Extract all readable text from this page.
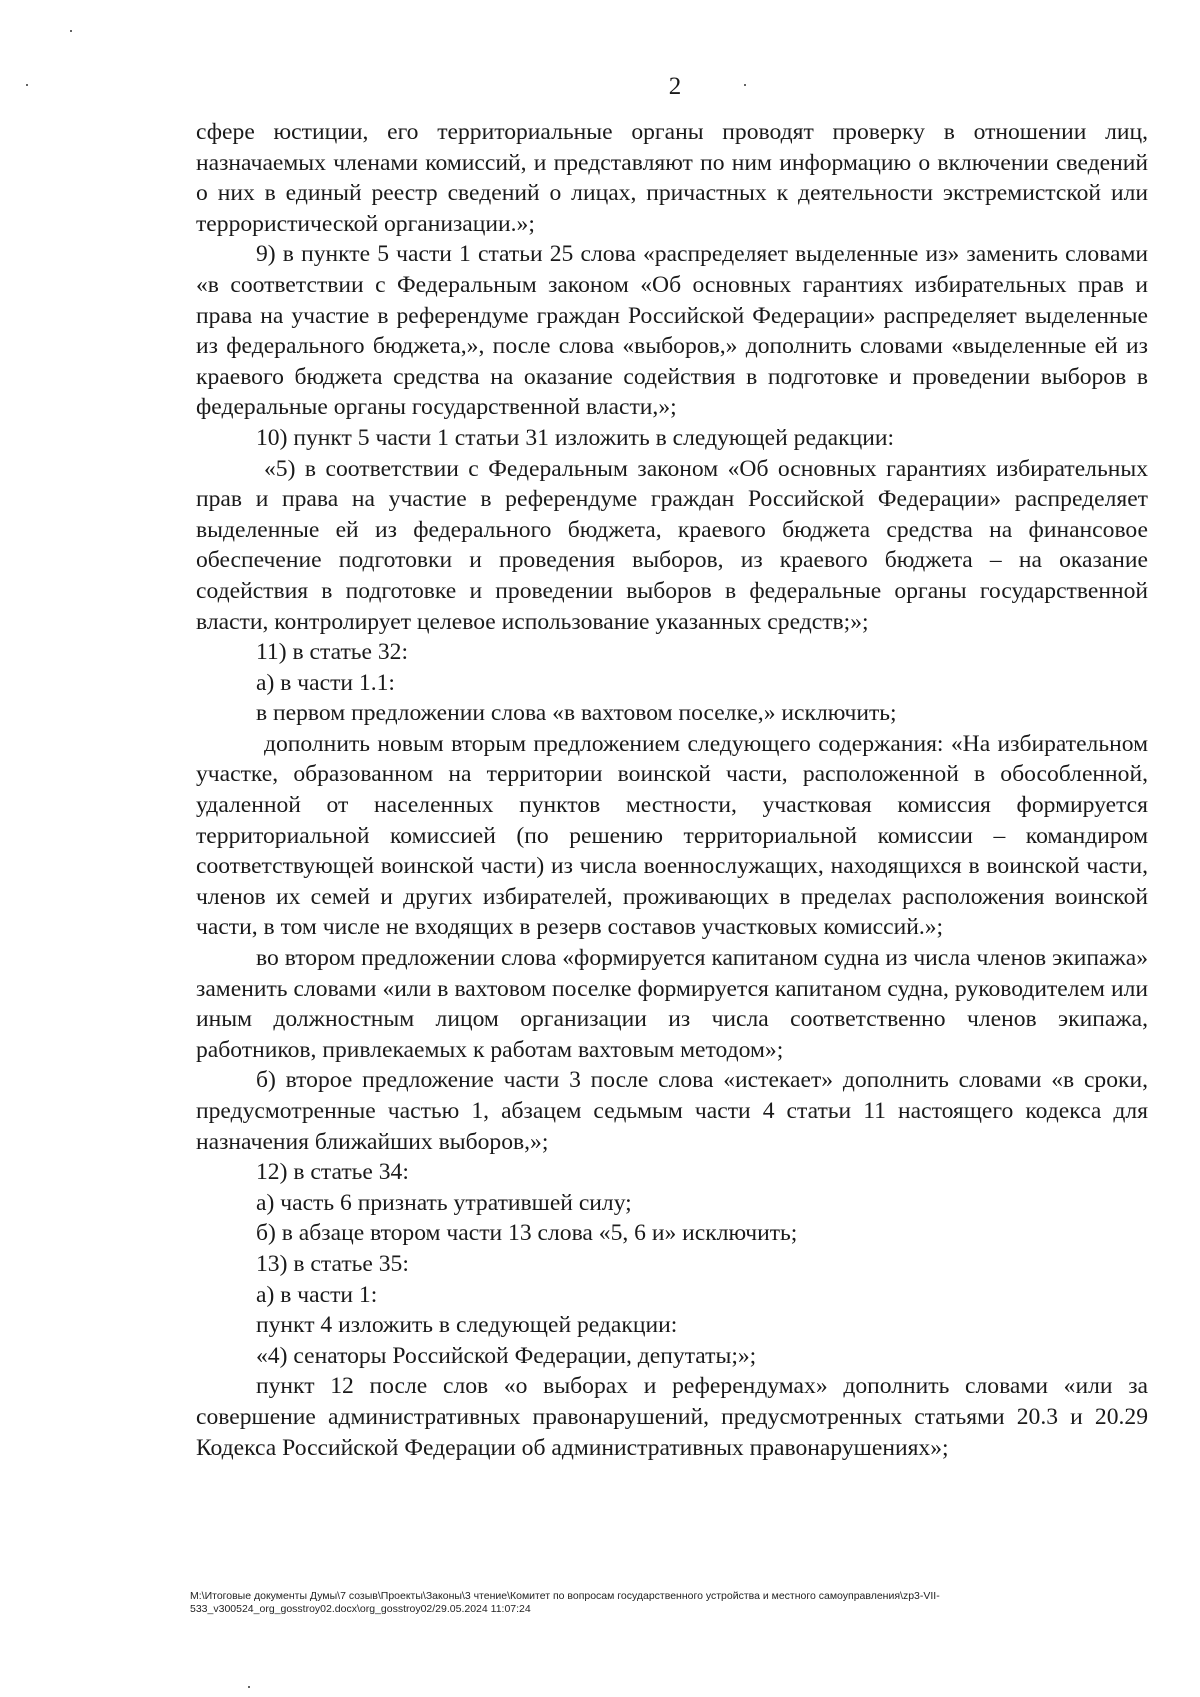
2

сфере юстиции, его территориальные органы проводят проверку в отношении лиц, назначаемых членами комиссий, и представляют по ним информацию о включении сведений о них в единый реестр сведений о лицах, причастных к деятельности экстремистской или террористической организации.»;

9) в пункте 5 части 1 статьи 25 слова «распределяет выделенные из» заменить словами «в соответствии с Федеральным законом «Об основных гарантиях избирательных прав и права на участие в референдуме граждан Российской Федерации» распределяет выделенные из федерального бюджета,», после слова «выборов,» дополнить словами «выделенные ей из краевого бюджета средства на оказание содействия в подготовке и проведении выборов в федеральные органы государственной власти,»;

10) пункт 5 части 1 статьи 31 изложить в следующей редакции:

«5) в соответствии с Федеральным законом «Об основных гарантиях избирательных прав и права на участие в референдуме граждан Российской Федерации» распределяет выделенные ей из федерального бюджета, краевого бюджета средства на финансовое обеспечение подготовки и проведения выборов, из краевого бюджета – на оказание содействия в подготовке и проведении выборов в федеральные органы государственной власти, контролирует целевое использование указанных средств;»;

11) в статье 32:

а) в части 1.1:

в первом предложении слова «в вахтовом поселке,» исключить;

дополнить новым вторым предложением следующего содержания: «На избирательном участке, образованном на территории воинской части, расположенной в обособленной, удаленной от населенных пунктов местности, участковая комиссия формируется территориальной комиссией (по решению территориальной комиссии – командиром соответствующей воинской части) из числа военнослужащих, находящихся в воинской части, членов их семей и других избирателей, проживающих в пределах расположения воинской части, в том числе не входящих в резерв составов участковых комиссий.»;

во втором предложении слова «формируется капитаном судна из числа членов экипажа» заменить словами «или в вахтовом поселке формируется капитаном судна, руководителем или иным должностным лицом организации из числа соответственно членов экипажа, работников, привлекаемых к работам вахтовым методом»;

б) второе предложение части 3 после слова «истекает» дополнить словами «в сроки, предусмотренные частью 1, абзацем седьмым части 4 статьи 11 настоящего кодекса для назначения ближайших выборов,»;

12) в статье 34:

а) часть 6 признать утратившей силу;

б) в абзаце втором части 13 слова «5, 6 и» исключить;

13) в статье 35:

а) в части 1:

пункт 4 изложить в следующей редакции:

«4) сенаторы Российской Федерации, депутаты;»;

пункт 12 после слов «о выборах и референдумах» дополнить словами «или за совершение административных правонарушений, предусмотренных статьями 20.3 и 20.29 Кодекса Российской Федерации об административных правонарушениях»;

M:\Итоговые документы Думы\7 созыв\Проекты\Законы\3 чтение\Комитет по вопросам государственного устройства и местного самоуправления\zp3-VII-533_v300524_org_gosstroy02.docx\org_gosstroy02/29.05.2024 11:07:24
